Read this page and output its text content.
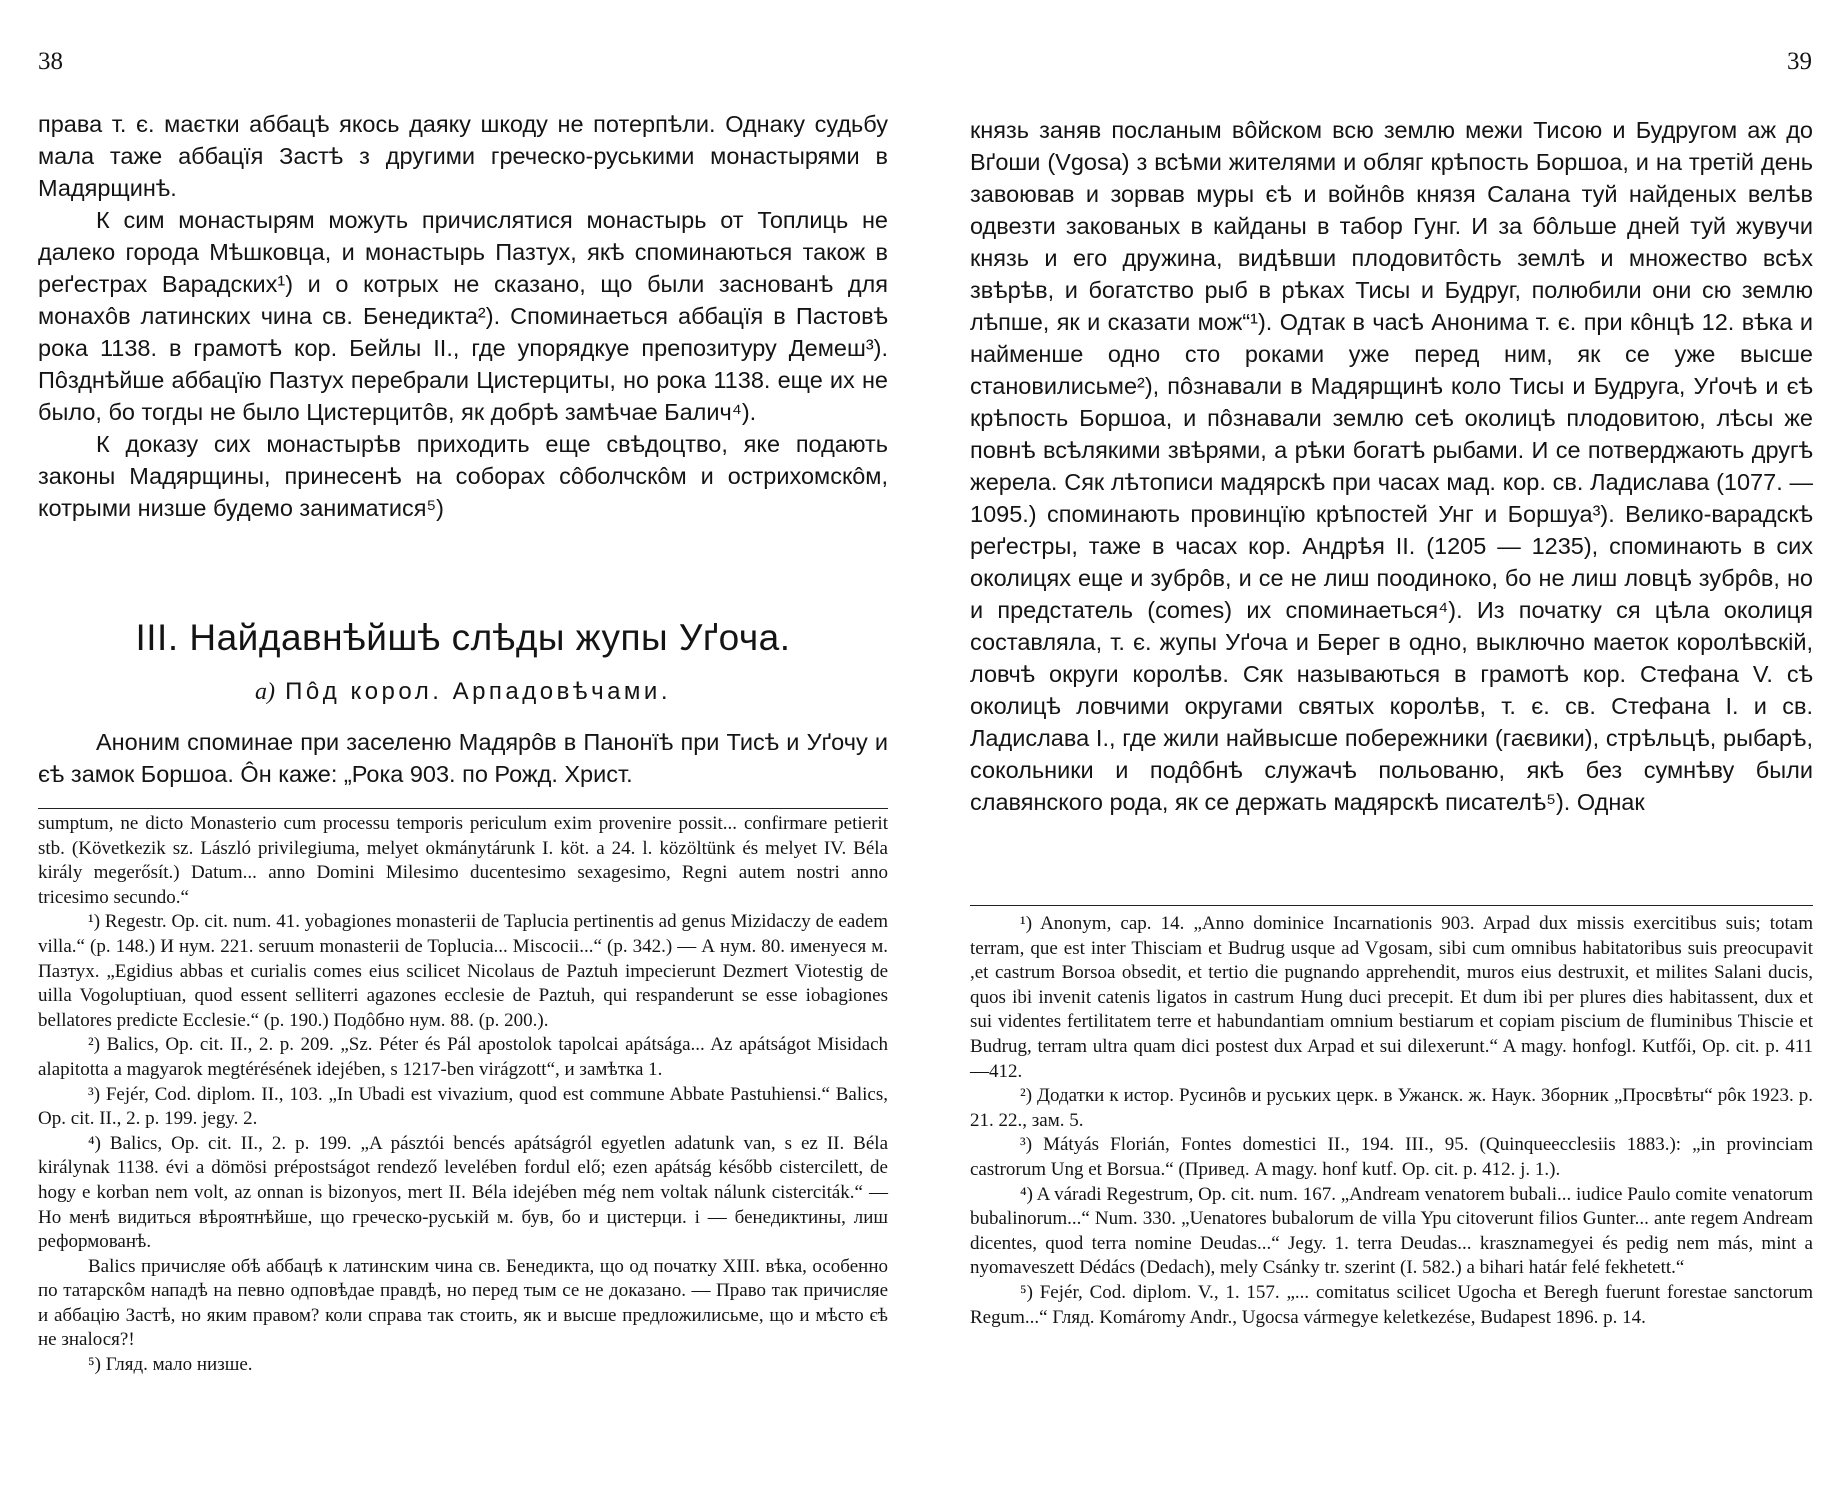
38

права т. є. маєтки аббацѣ якось даяку шкоду не потерпѣли. Однаку судьбу мала таже аббацїя Застѣ з другими греческо-руськими монастырями в Мадярщинѣ.

К сим монастырям можуть причислятися монастырь от Топлиць не далеко города Мѣшковца, и монастырь Пазтух, якѣ споминаються також в реґестрах Варадских¹) и о котрых не сказано, що были заснованѣ для монахôв латинских чина св. Бенедикта²). Споминаеться аббацїя в Пастовѣ рока 1138. в грамотѣ кор. Бейлы II., где упорядкуе препозитуру Демеш³). Пôзднѣйше аббацїю Пазтух перебрали Цистерциты, но рока 1138. еще их не было, бо тогды не было Цистерцитôв, як добрѣ замѣчае Балич⁴).

К доказу сих монастырѣв приходить еще свѣдоцтво, яке подають законы Мадярщины, принесенѣ на соборах сôболчскôм и острихомскôм, котрыми низше будемо заниматися⁵)

III. Найдавнѣйшѣ слѣды жупы Уґоча.
а) Пôд корол. Арпадовѣчами.

Аноним споминае при заселеню Мадярôв в Панонїѣ при Тисѣ и Уґочу и єѣ замок Боршоа. Ôн каже: „Рока 903. по Рожд. Христ.

sumptum, ne dicto Monasterio cum processu temporis periculum exim provenire possit... confirmare petierit stb. (Következik sz. László privilegiuma, melyet okmánytárunk I. köt. a 24. l. közöltünk és melyet IV. Béla király megerősít.) Datum... anno Domini Milesimo ducentesimo sexagesimo, Regni autem nostri anno tricesimo secundo.“

¹) Regestr. Op. cit. num. 41. yobagiones monasterii de Taplucia pertinentis ad genus Mizidaczy de eadem villa.“ (p. 148.) И нум. 221. seruum monasterii de Toplucia... Miscocii...“ (p. 342.) — А нум. 80. именуеся м. Пазтух. „Egidius abbas et curialis comes eius scilicet Nicolaus de Paztuh impecierunt Dezmert Viotestig de uilla Vogoluptiuan, quod essent selliterri agazones ecclesie de Paztuh, qui respanderunt se esse iobagiones bellatores predicte Ecclesie.“ (p. 190.) Подôбно нум. 88. (p. 200.).

²) Balics, Op. cit. II., 2. p. 209. „Sz. Péter és Pál apostolok tapolcai apátsága... Az apátságot Misidach alapitotta a magyarok megtérésének idejében, s 1217-ben virágzott“, и замѣтка 1.

³) Fejér, Cod. diplom. II., 103. „In Ubadi est vivazium, quod est commune Abbate Pastuhiensi.“ Balics, Op. cit. II., 2. p. 199. jegy. 2.

⁴) Balics, Op. cit. II., 2. p. 199. „A pásztói bencés apátságról egyetlen adatunk van, s ez II. Béla királynak 1138. évi a dömösi prépostságot rendező levelében fordul elő; ezen apátság később cistercilett, de hogy e korban nem volt, az onnan is bizonyos, mert II. Béla idejében még nem voltak nálunk cisterciták.“ — Но менѣ видиться вѣроятнѣйше, що греческо-руськiй м. був, бо и цистерци. і — бенедиктины, лиш реформованѣ.

Balics причисляе обѣ аббацѣ к латинским чина св. Бенедикта, що од початку XIII. вѣка, особенно по татарскôм нападѣ на певно одповѣдае правдѣ, но перед тым се не доказано. — Право так причисляе и аббацiю Застѣ, но яким правом? коли справа так стоить, як и высше предложилисьме, що и мѣсто єѣ не знаlося?!

⁵) Гляд. мало низше.

39

князь заняв посланым вôйском всю землю межи Тисою и Будругом аж до Вґоши (Vgosa) з всѣми жителями и обляг крѣпость Боршоа, и на третiй день завоював и зорвав муры єѣ и войнôв князя Салана туй найденых велѣв одвезти закованых в кайданы в табор Гунг. И за бôльше дней туй жувучи князь и его дружина, видѣвши плодовитôсть землѣ и множество всѣх звѣрѣв, и богатство рыб в рѣках Тисы и Будруг, полюбили они сю землю лѣпше, як и сказати мож“¹). Одтак в часѣ Анонима т. є. при кôнцѣ 12. вѣка и найменше одно сто роками уже перед ним, як се уже высше становилисьме²), пôзнавали в Мадярщинѣ коло Тисы и Будруга, Уґочѣ и єѣ крѣпость Боршоа, и пôзнавали землю сеѣ околицѣ плодовитою, лѣсы же повнѣ всѣлякими звѣрями, а рѣки богатѣ рыбами. И се потверджають другѣ жерела. Сяк лѣтописи мадярскѣ при часах мад. кор. св. Ладислава (1077. — 1095.) споминають провинцїю крѣпостей Унг и Боршуа³). Велико-варадскѣ реґестры, таже в часах кор. Андрѣя II. (1205 — 1235), споминають в сих околицях еще и зубрôв, и се не лиш поодиноко, бо не лиш ловцѣ зубрôв, но и предстатель (comes) их споминаеться⁴). Из початку ся цѣла околиця составляла, т. є. жупы Уґоча и Берег в одно, выключно маеток королѣвскiй, ловчѣ округи королѣв. Сяк называються в грамотѣ кор. Стефана V. сѣ околицѣ ловчими округами святых королѣв, т. є. св. Стефана I. и св. Ладислава I., где жили найвысше побережники (гаєвики), стрѣльцѣ, рыбарѣ, сокольники и подôбнѣ служачѣ польованю, якѣ без сумнѣву были славянского рода, як се держать мадярскѣ писателѣ⁵). Однак

¹) Anonym, cap. 14. „Anno dominice Incarnationis 903. Arpad dux missis exercitibus suis; totam terram, que est inter Thisciam et Budrug usque ad Vgosam, sibi cum omnibus habitatoribus suis preocupavit ,et castrum Borsoa obsedit, et tertio die pugnando apprehendit, muros eius destruxit, et milites Salani ducis, quos ibi invenit catenis ligatos in castrum Hung duci precepit. Et dum ibi per plures dies habitassent, dux et sui videntes fertilitatem terre et habundantiam omnium bestiarum et copiam piscium de fluminibus Thiscie et Budrug, terram ultra quam dici postest dux Arpad et sui dilexerunt.“ A magy. honfogl. Kutfői, Op. cit. p. 411—412.

²) Додатки к истор. Русинôв и руських церк. в Ужанск. ж. Наук. Зборник „Просвѣты“ рôк 1923. p. 21. 22., зам. 5.

³) Mátyás Florián, Fontes domestici II., 194. III., 95. (Quinqueecclesiis 1883.): „in provinciam castrorum Ung et Borsua.“ (Привед. A magy. honf kutf. Op. cit. p. 412. j. 1.).

⁴) A váradi Regestrum, Op. cit. num. 167. „Andream venatorem bubali... iudice Paulo comite venatorum bubalinorum...“ Num. 330. „Uenatores bubalorum de villa Ypu citoverunt filios Gunter... ante regem Andream dicentes, quod terra nomine Deudas...“ Jegy. 1. terra Deudas... krasznamegyei és pedig nem más, mint a nyomaveszett Dédács (Dedach), mely Csánky tr. szerint (I. 582.) a bihari határ felé fekhetett.“

⁵) Fejér, Cod. diplom. V., 1. 157. „... comitatus scilicet Ugocha et Beregh fuerunt forestae sanctorum Regum...“ Гляд. Komáromy Andr., Ugocsa vármegye keletkezése, Budapest 1896. p. 14.
